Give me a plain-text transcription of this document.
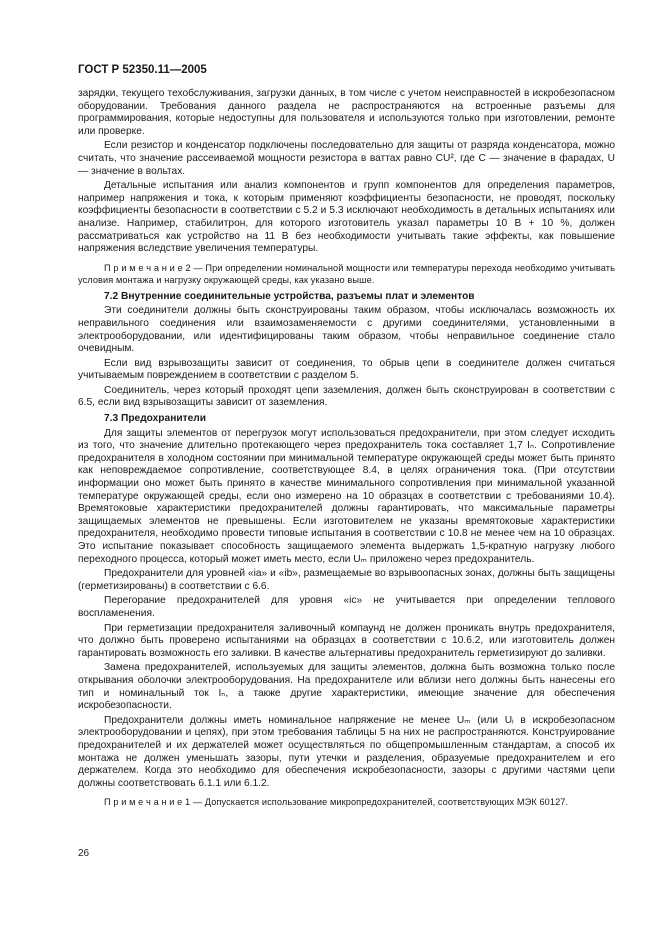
ГОСТ Р 52350.11—2005

зарядки, текущего техобслуживания, загрузки данных, в том числе с учетом неисправностей в искробезопасном оборудовании. Требования данного раздела не распространяются на встроенные разъемы для программирования, которые недоступны для пользователя и используются только при изготовлении, ремонте или проверке.

Если резистор и конденсатор подключены последовательно для защиты от разряда конденсатора, можно считать, что значение рассеиваемой мощности резистора в ваттах равно CU², где C — значение в фарадах, U — значение в вольтах.

Детальные испытания или анализ компонентов и групп компонентов для определения параметров, например напряжения и тока, к которым применяют коэффициенты безопасности, не проводят, поскольку коэффициенты безопасности в соответствии с 5.2 и 5.3 исключают необходимость в детальных испытаниях или анализе. Например, стабилитрон, для которого изготовитель указал параметры 10 В + 10 %, должен рассматриваться как устройство на 11 В без необходимости учитывать такие эффекты, как повышение напряжения вследствие увеличения температуры.

П р и м е ч а н и е 2 — При определении номинальной мощности или температуры перехода необходимо учитывать условия монтажа и нагрузку окружающей среды, как указано выше.

7.2 Внутренние соединительные устройства, разъемы плат и элементов

Эти соединители должны быть сконструированы таким образом, чтобы исключалась возможность их неправильного соединения или взаимозаменяемости с другими соединителями, установленными в электрооборудовании, или идентифицированы таким образом, чтобы неправильное соединение стало очевидным.

Если вид взрывозащиты зависит от соединения, то обрыв цепи в соединителе должен считаться учитываемым повреждением в соответствии с разделом 5.

Соединитель, через который проходят цепи заземления, должен быть сконструирован в соответствии с 6.5, если вид взрывозащиты зависит от заземления.

7.3 Предохранители

Для защиты элементов от перегрузок могут использоваться предохранители, при этом следует исходить из того, что значение длительно протекающего через предохранитель тока составляет 1,7 Iₙ. Сопротивление предохранителя в холодном состоянии при минимальной температуре окружающей среды может быть принято как неповреждаемое сопротивление, соответствующее 8.4, в целях ограничения тока. (При отсутствии информации оно может быть принято в качестве минимального сопротивления при минимальной указанной температуре окружающей среды, если оно измерено на 10 образцах в соответствии с требованиями 10.4). Времятоковые характеристики предохранителей должны гарантировать, что максимальные параметры защищаемых элементов не превышены. Если изготовителем не указаны времятоковые характеристики предохранителя, необходимо провести типовые испытания в соответствии с 10.8 не менее чем на 10 образцах. Это испытание показывает способность защищаемого элемента выдержать 1,5-кратную нагрузку любого переходного процесса, который может иметь место, если Uₘ приложено через предохранитель.

Предохранители для уровней «ia» и «ib», размещаемые во взрывоопасных зонах, должны быть защищены (герметизированы) в соответствии с 6.6.

Перегорание предохранителей для уровня «ic» не учитывается при определении теплового воспламенения.

При герметизации предохранителя заливочный компаунд не должен проникать внутрь предохранителя, что должно быть проверено испытаниями на образцах в соответствии с 10.6.2, или изготовитель должен гарантировать возможность его заливки. В качестве альтернативы предохранитель герметизируют до заливки.

Замена предохранителей, используемых для защиты элементов, должна быть возможна только после открывания оболочки электрооборудования. На предохранителе или вблизи него должны быть нанесены его тип и номинальный ток Iₙ, а также другие характеристики, имеющие значение для обеспечения искробезопасности.

Предохранители должны иметь номинальное напряжение не менее Uₘ (или Uᵢ в искробезопасном электрооборудовании и цепях), при этом требования таблицы 5 на них не распространяются. Конструирование предохранителей и их держателей может осуществляться по общепромышленным стандартам, а способ их монтажа не должен уменьшать зазоры, пути утечки и разделения, образуемые предохранителем и его держателем. Когда это необходимо для обеспечения искробезопасности, зазоры с другими частями цепи должны соответствовать 6.1.1 или 6.1.2.

П р и м е ч а н и е 1 — Допускается использование микропредохранителей, соответствующих МЭК 60127.

26
